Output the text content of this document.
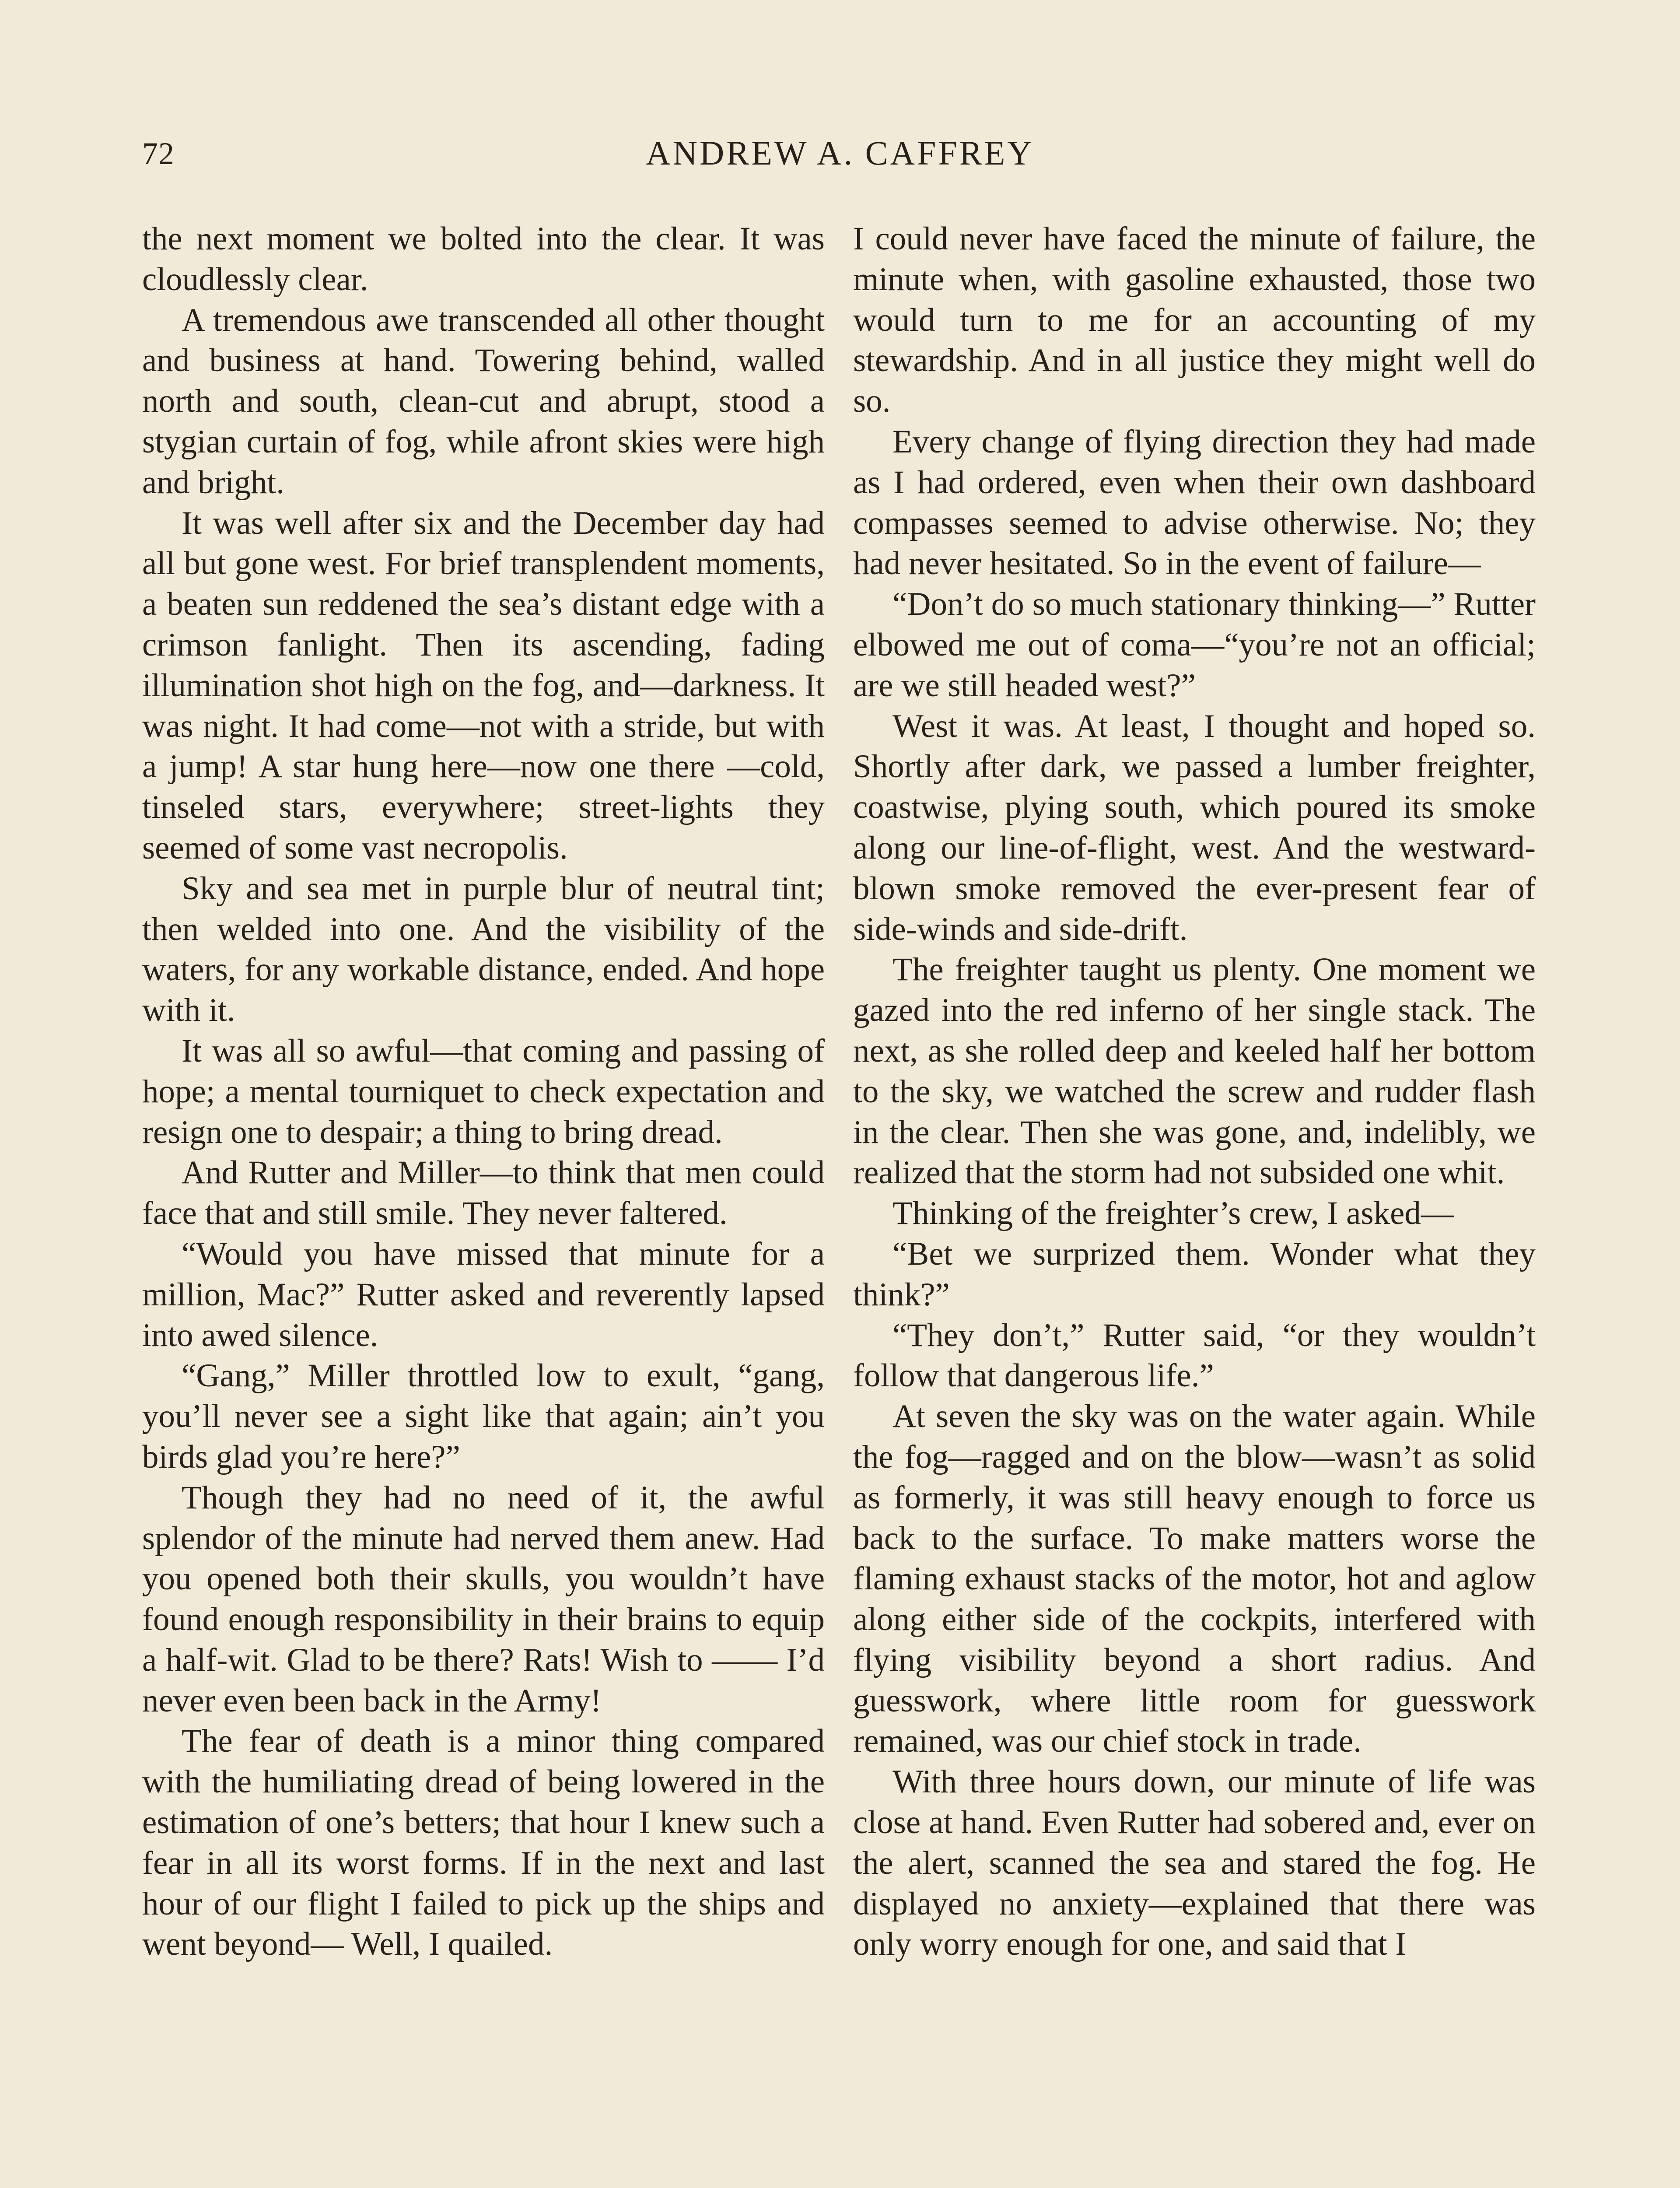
72	ANDREW A. CAFFREY

the next moment we bolted into the clear. It was cloudlessly clear.

A tremendous awe transcended all other thought and business at hand. Towering behind, walled north and south, clean-cut and abrupt, stood a stygian curtain of fog, while afront skies were high and bright.

It was well after six and the December day had all but gone west. For brief transplendent moments, a beaten sun reddened the sea’s distant edge with a crimson fanlight. Then its ascending, fading illumination shot high on the fog, and—darkness. It was night. It had come—not with a stride, but with a jump! A star hung here—now one there —cold, tinseled stars, everywhere; street-lights they seemed of some vast necropolis.

Sky and sea met in purple blur of neutral tint; then welded into one. And the visibility of the waters, for any workable distance, ended. And hope with it.

It was all so awful—that coming and passing of hope; a mental tourniquet to check expectation and resign one to despair; a thing to bring dread.

And Rutter and Miller—to think that men could face that and still smile. They never faltered.

“Would you have missed that minute for a million, Mac?” Rutter asked and reverently lapsed into awed silence.

“Gang,” Miller throttled low to exult, “gang, you’ll never see a sight like that again; ain’t you birds glad you’re here?”

Though they had no need of it, the awful splendor of the minute had nerved them anew. Had you opened both their skulls, you wouldn’t have found enough responsibility in their brains to equip a half-wit. Glad to be there? Rats! Wish to —— I’d never even been back in the Army!

The fear of death is a minor thing compared with the humiliating dread of being lowered in the estimation of one’s betters; that hour I knew such a fear in all its worst forms. If in the next and last hour of our flight I failed to pick up the ships and went beyond— Well, I quailed.

I could never have faced the minute of failure, the minute when, with gasoline exhausted, those two would turn to me for an accounting of my stewardship. And in all justice they might well do so.

Every change of flying direction they had made as I had ordered, even when their own dashboard compasses seemed to advise otherwise. No; they had never hesitated. So in the event of failure—

“Don’t do so much stationary thinking—” Rutter elbowed me out of coma—“you’re not an official; are we still headed west?”

West it was. At least, I thought and hoped so. Shortly after dark, we passed a lumber freighter, coastwise, plying south, which poured its smoke along our line-of-flight, west. And the westward-blown smoke removed the ever-present fear of side-winds and side-drift.

The freighter taught us plenty. One moment we gazed into the red inferno of her single stack. The next, as she rolled deep and keeled half her bottom to the sky, we watched the screw and rudder flash in the clear. Then she was gone, and, indelibly, we realized that the storm had not subsided one whit.

Thinking of the freighter’s crew, I asked—

“Bet we surprized them. Wonder what they think?”

“They don’t,” Rutter said, “or they wouldn’t follow that dangerous life.”

At seven the sky was on the water again. While the fog—ragged and on the blow—wasn’t as solid as formerly, it was still heavy enough to force us back to the surface. To make matters worse the flaming exhaust stacks of the motor, hot and aglow along either side of the cockpits, interfered with flying visibility beyond a short radius. And guesswork, where little room for guesswork remained, was our chief stock in trade.

With three hours down, our minute of life was close at hand. Even Rutter had sobered and, ever on the alert, scanned the sea and stared the fog. He displayed no anxiety—explained that there was only worry enough for one, and said that I
